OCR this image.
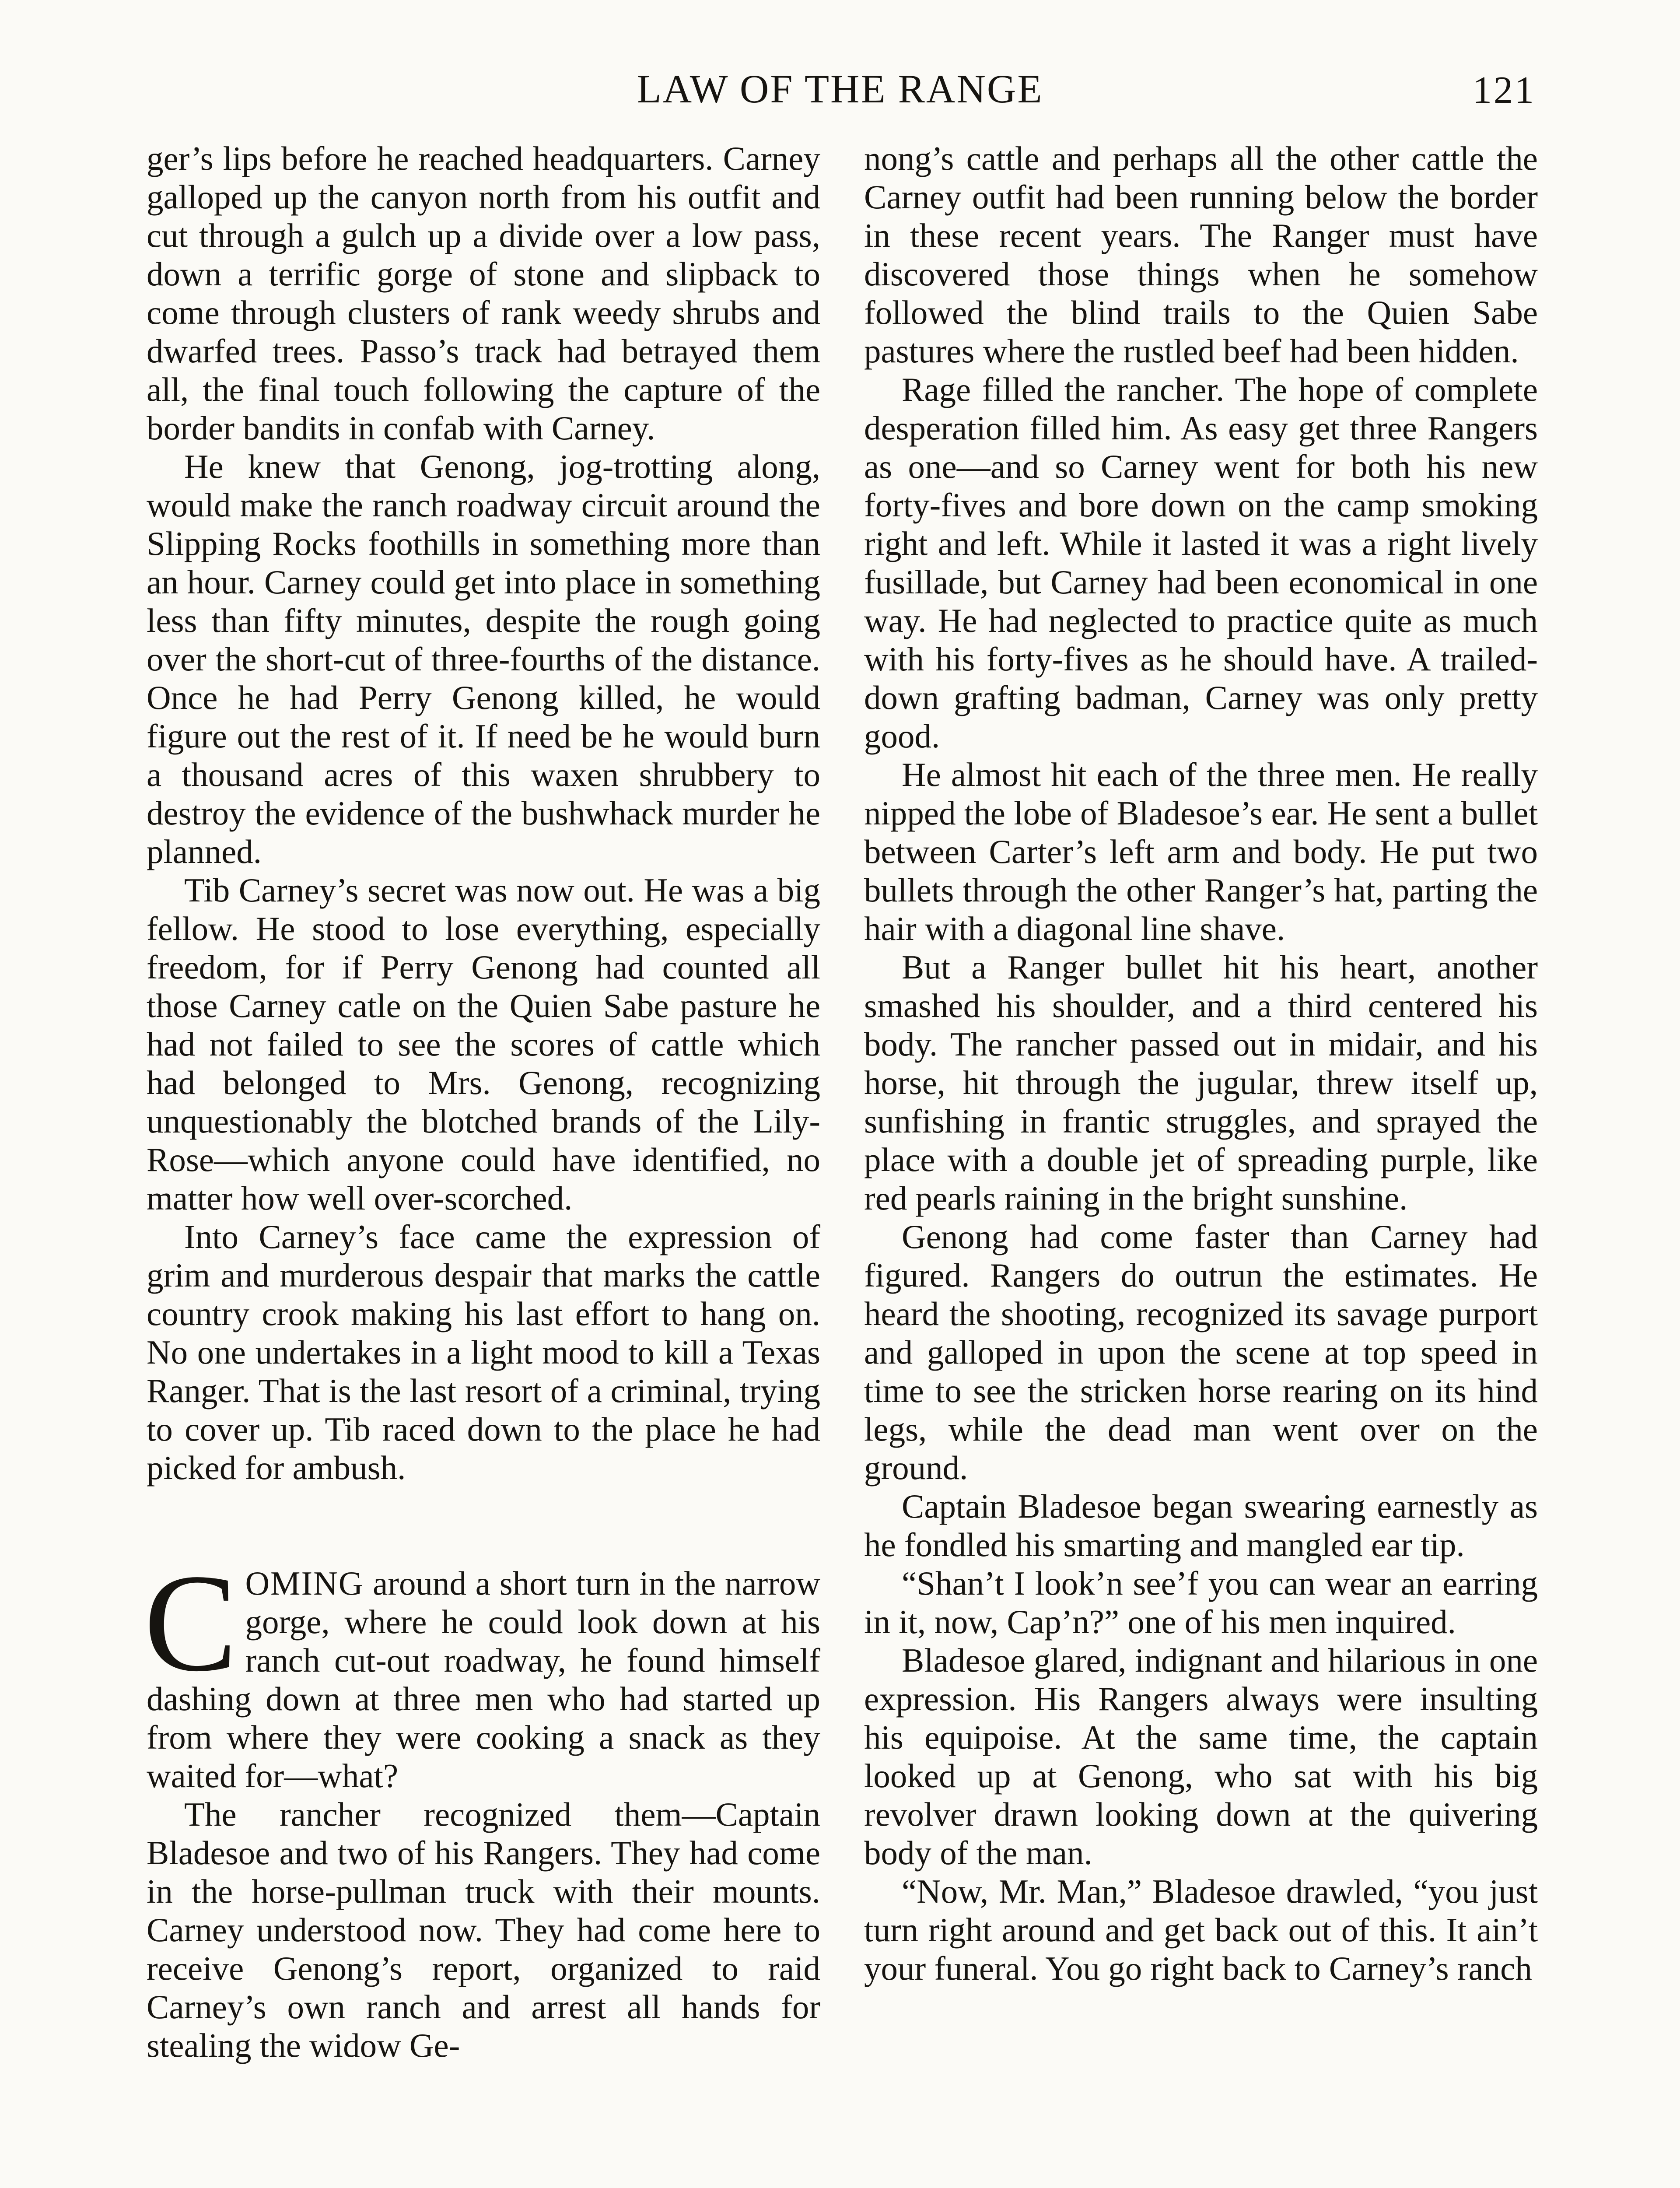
LAW OF THE RANGE	121

ger’s lips before he reached headquarters. Carney galloped up the canyon north from his outfit and cut through a gulch up a divide over a low pass, down a terrific gorge of stone and slipback to come through clusters of rank weedy shrubs and dwarfed trees. Passo’s track had betrayed them all, the final touch following the capture of the border bandits in confab with Carney.

He knew that Genong, jog-trotting along, would make the ranch roadway circuit around the Slipping Rocks foothills in something more than an hour. Carney could get into place in something less than fifty minutes, despite the rough going over the short-cut of three-fourths of the distance. Once he had Perry Genong killed, he would figure out the rest of it. If need be he would burn a thousand acres of this waxen shrubbery to destroy the evidence of the bushwhack murder he planned.

Tib Carney’s secret was now out. He was a big fellow. He stood to lose everything, especially freedom, for if Perry Genong had counted all those Carney catle on the Quien Sabe pasture he had not failed to see the scores of cattle which had belonged to Mrs. Genong, recognizing unquestionably the blotched brands of the Lily-Rose—which anyone could have identified, no matter how well over-scorched.

Into Carney’s face came the expression of grim and murderous despair that marks the cattle country crook making his last effort to hang on. No one undertakes in a light mood to kill a Texas Ranger. That is the last resort of a criminal, trying to cover up. Tib raced down to the place he had picked for ambush.

COMING around a short turn in the narrow gorge, where he could look down at his ranch cut-out roadway, he found himself dashing down at three men who had started up from where they were cooking a snack as they waited for—what?

The rancher recognized them—Captain Bladesoe and two of his Rangers. They had come in the horse-pullman truck with their mounts. Carney understood now. They had come here to receive Genong’s report, organized to raid Carney’s own ranch and arrest all hands for stealing the widow Ge-

nong’s cattle and perhaps all the other cattle the Carney outfit had been running below the border in these recent years. The Ranger must have discovered those things when he somehow followed the blind trails to the Quien Sabe pastures where the rustled beef had been hidden.

Rage filled the rancher. The hope of complete desperation filled him. As easy get three Rangers as one—and so Carney went for both his new forty-fives and bore down on the camp smoking right and left. While it lasted it was a right lively fusillade, but Carney had been economical in one way. He had neglected to practice quite as much with his forty-fives as he should have. A trailed-down grafting badman, Carney was only pretty good.

He almost hit each of the three men. He really nipped the lobe of Bladesoe’s ear. He sent a bullet between Carter’s left arm and body. He put two bullets through the other Ranger’s hat, parting the hair with a diagonal line shave.

But a Ranger bullet hit his heart, another smashed his shoulder, and a third centered his body. The rancher passed out in midair, and his horse, hit through the jugular, threw itself up, sunfishing in frantic struggles, and sprayed the place with a double jet of spreading purple, like red pearls raining in the bright sunshine.

Genong had come faster than Carney had figured. Rangers do outrun the estimates. He heard the shooting, recognized its savage purport and galloped in upon the scene at top speed in time to see the stricken horse rearing on its hind legs, while the dead man went over on the ground.

Captain Bladesoe began swearing earnestly as he fondled his smarting and mangled ear tip.

“Shan’t I look’n see’f you can wear an earring in it, now, Cap’n?” one of his men inquired.

Bladesoe glared, indignant and hilarious in one expression. His Rangers always were insulting his equipoise. At the same time, the captain looked up at Genong, who sat with his big revolver drawn looking down at the quivering body of the man.

“Now, Mr. Man,” Bladesoe drawled, “you just turn right around and get back out of this. It ain’t your funeral. You go right back to Carney’s ranch
